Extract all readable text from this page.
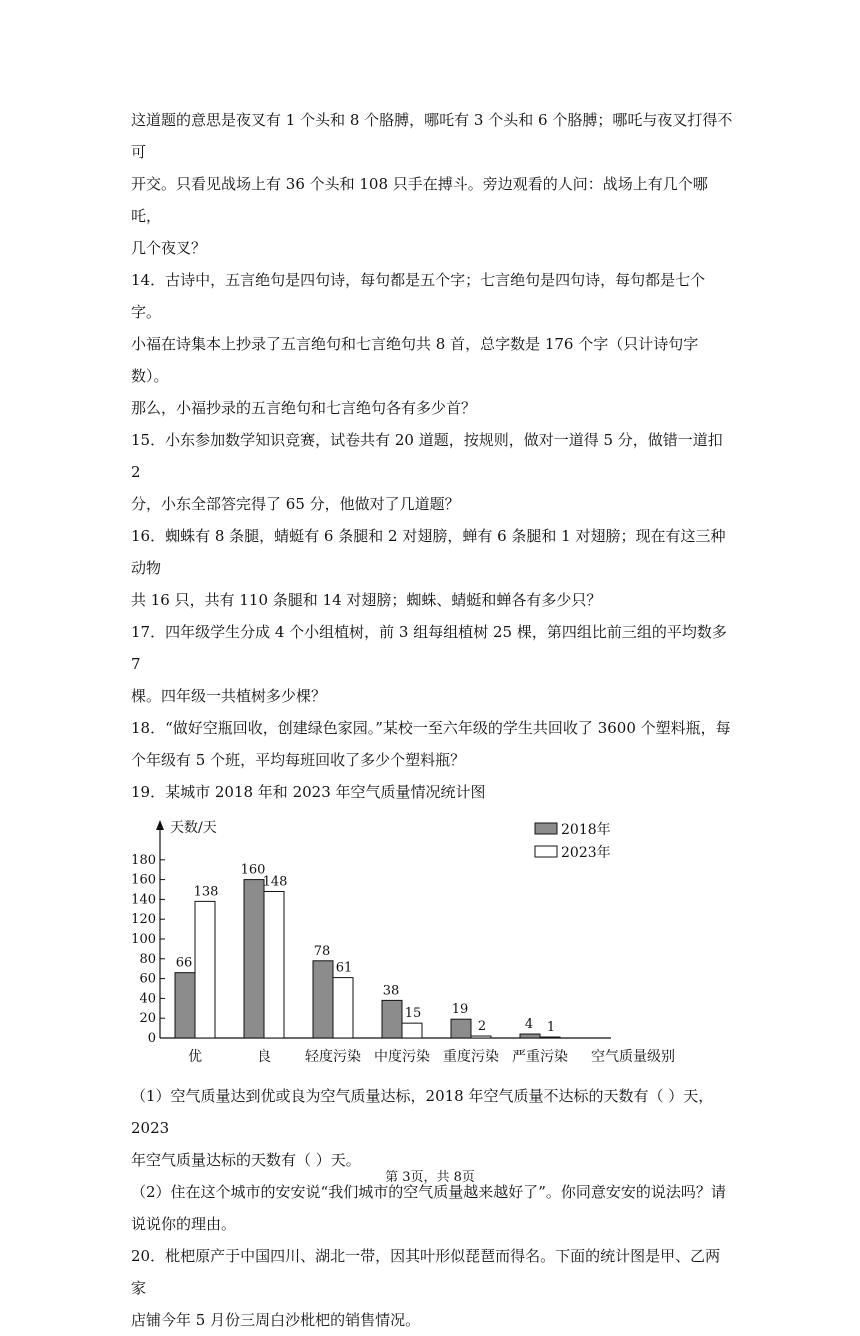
这道题的意思是夜叉有 1 个头和 8 个胳膊，哪吒有 3 个头和 6 个胳膊；哪吒与夜叉打得不可
开交。只看见战场上有 36 个头和 108 只手在搏斗。旁边观看的人问：战场上有几个哪吒，
几个夜叉？
14．古诗中，五言绝句是四句诗，每句都是五个字；七言绝句是四句诗，每句都是七个字。
小福在诗集本上抄录了五言绝句和七言绝句共 8 首，总字数是 176 个字（只计诗句字数）。
那么，小福抄录的五言绝句和七言绝句各有多少首？
15．小东参加数学知识竞赛，试卷共有 20 道题，按规则，做对一道得 5 分，做错一道扣 2
分，小东全部答完得了 65 分，他做对了几道题？
16．蜘蛛有 8 条腿，蜻蜓有 6 条腿和 2 对翅膀，蝉有 6 条腿和 1 对翅膀；现在有这三种动物
共 16 只，共有 110 条腿和 14 对翅膀；蜘蛛、蜻蜓和蝉各有多少只？
17．四年级学生分成 4 个小组植树，前 3 组每组植树 25 棵，第四组比前三组的平均数多 7
棵。四年级一共植树多少棵？
18．“做好空瓶回收，创建绿色家园。”某校一至六年级的学生共回收了 3600 个塑料瓶，每
个年级有 5 个班，平均每班回收了多少个塑料瓶？
19．某城市 2018 年和 2023 年空气质量情况统计图
0
20
40
60
80
100
120
140
160
180
天数/天
66
138
优
160
148
良
78
61
轻度污染
38
15
中度污染
19
2
重度污染
4 1
严重污染 空气质量级别
2018年
2023年
（1）空气质量达到优或良为空气质量达标，2018 年空气质量不达标的天数有（ ）天，2023
年空气质量达标的天数有（ ）天。
（2）住在这个城市的安安说“我们城市的空气质量越来越好了”。你同意安安的说法吗？请
说说你的理由。
20．枇杷原产于中国四川、湖北一带，因其叶形似琵琶而得名。下面的统计图是甲、乙两家
店铺今年 5 月份三周白沙枇杷的销售情况。
第 3页，共 8页
